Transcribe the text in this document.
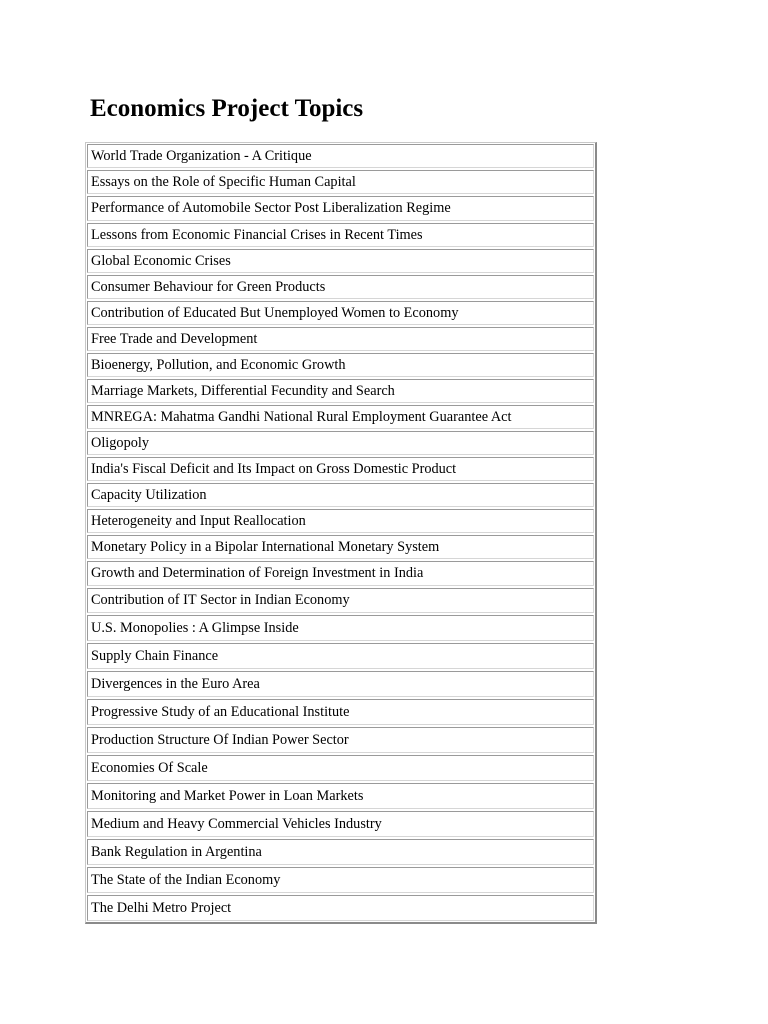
Economics Project Topics
World Trade Organization - A Critique
Essays on the Role of Specific Human Capital
Performance of Automobile Sector Post Liberalization Regime
Lessons from Economic Financial Crises in Recent Times
Global Economic Crises
Consumer Behaviour for Green Products
Contribution of Educated But Unemployed Women to Economy
Free Trade and Development
Bioenergy, Pollution, and Economic Growth
Marriage Markets, Differential Fecundity and Search
MNREGA: Mahatma Gandhi National Rural Employment Guarantee Act
Oligopoly
India's Fiscal Deficit and Its Impact on Gross Domestic Product
Capacity Utilization
Heterogeneity and Input Reallocation
Monetary Policy in a Bipolar International Monetary System
Growth and Determination of Foreign Investment in India
Contribution of IT Sector in Indian Economy
U.S. Monopolies : A Glimpse Inside
Supply Chain Finance
Divergences in the Euro Area
Progressive Study of an Educational Institute
Production Structure Of Indian Power Sector
Economies Of Scale
Monitoring and Market Power in Loan Markets
Medium and Heavy Commercial Vehicles Industry
Bank Regulation in Argentina
The State of the Indian Economy
The Delhi Metro Project
